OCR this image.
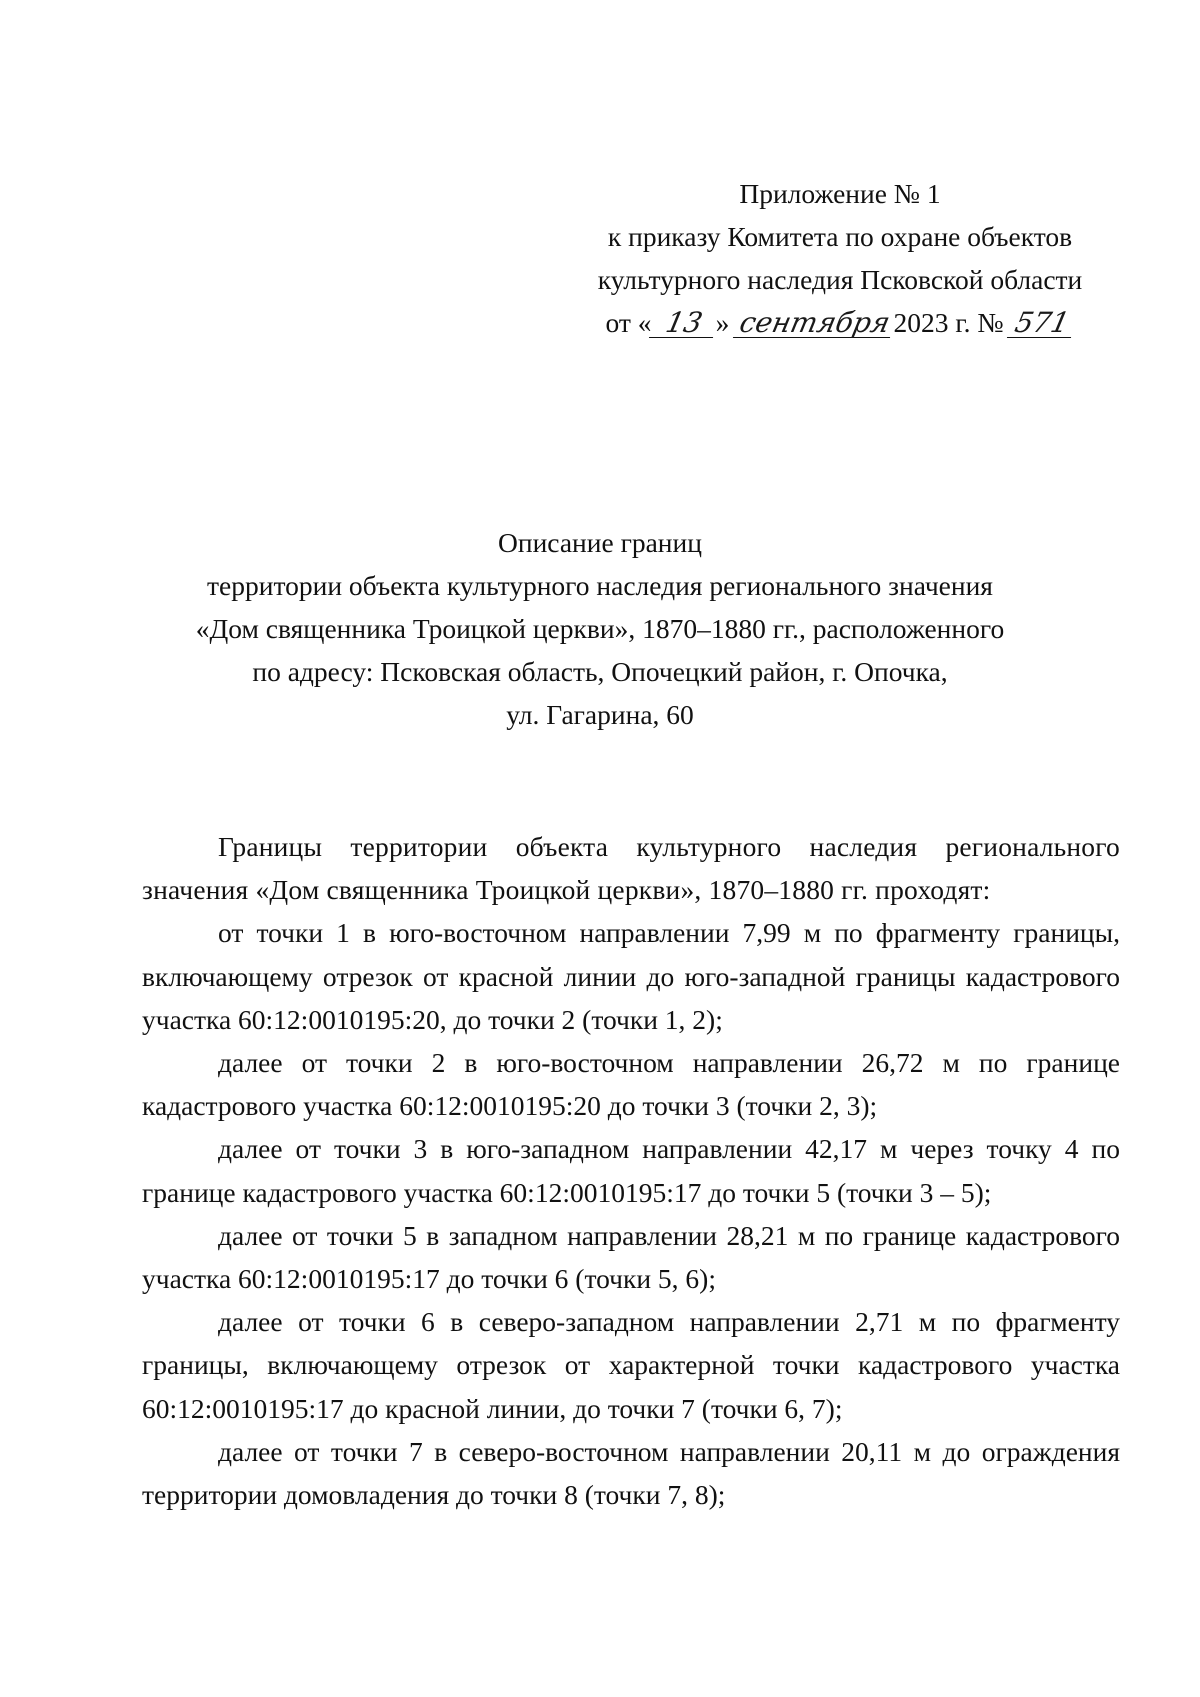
Приложение № 1
к приказу Комитета по охране объектов
культурного наследия Псковской области
от « 13 » сентября2023 г. № 571
Описание границ
территории объекта культурного наследия регионального значения
«Дом священника Троицкой церкви», 1870–1880 гг., расположенного
по адресу: Псковская область, Опочецкий район, г. Опочка,
ул. Гагарина, 60

Границы территории объекта культурного наследия регионального значения «Дом священника Троицкой церкви», 1870–1880 гг. проходят:

от точки 1 в юго-восточном направлении 7,99 м по фрагменту границы, включающему отрезок от красной линии до юго-западной границы кадастрового участка 60:12:0010195:20, до точки 2 (точки 1, 2);

далее от точки 2 в юго-восточном направлении 26,72 м по границе кадастрового участка 60:12:0010195:20 до точки 3 (точки 2, 3);

далее от точки 3 в юго-западном направлении 42,17 м через точку 4 по границе кадастрового участка 60:12:0010195:17 до точки 5 (точки 3 – 5);

далее от точки 5 в западном направлении 28,21 м по границе кадастрового участка 60:12:0010195:17 до точки 6 (точки 5, 6);

далее от точки 6 в северо-западном направлении 2,71 м по фрагменту границы, включающему отрезок от характерной точки кадастрового участка 60:12:0010195:17 до красной линии, до точки 7 (точки 6, 7);

далее от точки 7 в северо-восточном направлении 20,11 м до ограждения территории домовладения до точки 8 (точки 7, 8);
